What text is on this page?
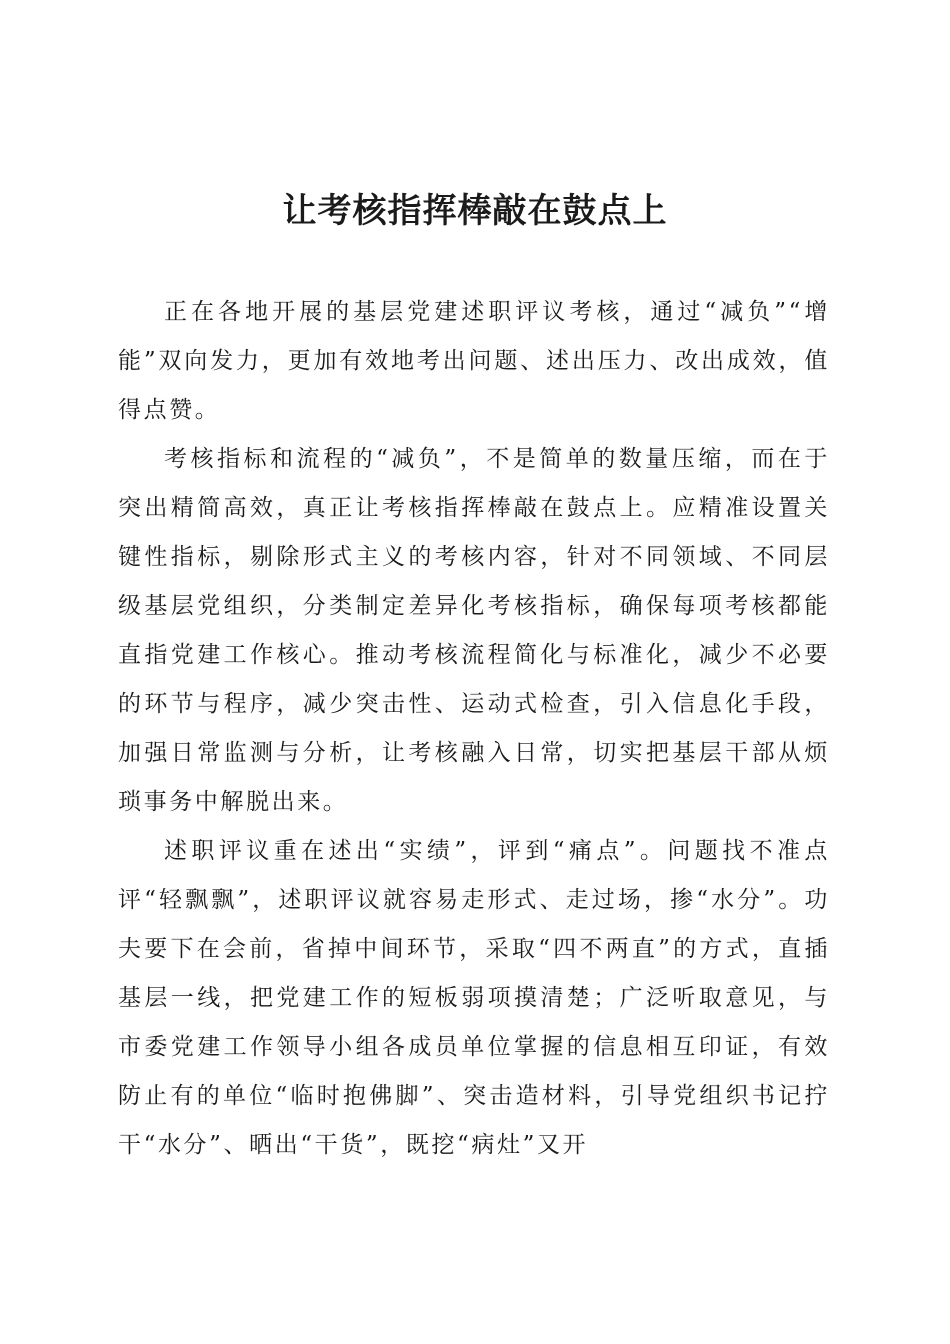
让考核指挥棒敲在鼓点上

正在各地开展的基层党建述职评议考核，通过“减负”“增能”双向发力，更加有效地考出问题、述出压力、改出成效，值得点赞。

考核指标和流程的“减负”，不是简单的数量压缩，而在于突出精简高效，真正让考核指挥棒敲在鼓点上。应精准设置关键性指标，剔除形式主义的考核内容，针对不同领域、不同层级基层党组织，分类制定差异化考核指标，确保每项考核都能直指党建工作核心。推动考核流程简化与标准化，减少不必要的环节与程序，减少突击性、运动式检查，引入信息化手段，加强日常监测与分析，让考核融入日常，切实把基层干部从烦琐事务中解脱出来。

述职评议重在述出“实绩”，评到“痛点”。问题找不准点评“轻飘飘”，述职评议就容易走形式、走过场，掺“水分”。功夫要下在会前，省掉中间环节，采取“四不两直”的方式，直插基层一线，把党建工作的短板弱项摸清楚；广泛听取意见，与市委党建工作领导小组各成员单位掌握的信息相互印证，有效防止有的单位“临时抱佛脚”、突击造材料，引导党组织书记拧干“水分”、晒出“干货”，既挖“病灶”又开
